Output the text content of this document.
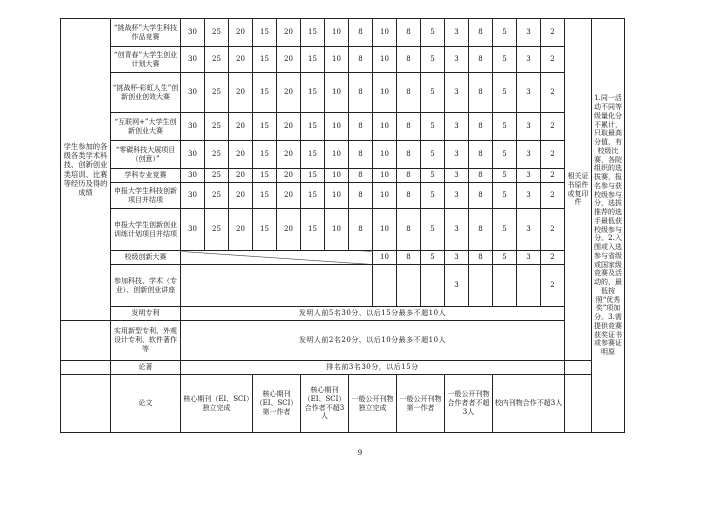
学生参加的各级各类学术科技、创新创业类培训、比赛等经历及得的成绩	“挑战杯”大学生科技作品竞赛	30	25	20	15	20	15	10	8	10	8	5	3	8	5	3	2	相关证书原件或复印件	1.同一活动不同等级量化分不累计，只取最高分值，有校级比赛，各院组织的选拔赛，报名参与获校级参与分，选拔推荐的选手最低获校级参与分。2.入围或入选参与省级或国家级竞赛及活动的，最低按照“优秀奖”项加分。3.需提供竞赛获奖证书或参赛证明原
	“创青春”大学生创业计划大赛	30	25	20	15	20	15	10	8	10	8	5	3	8	5	3	2		
	“挑战杯-彩虹人生”创新创业创效大赛	30	25	20	15	20	15	10	8	10	8	5	3	8	5	3	2		
	“互联网+”大学生创新创业大赛	30	25	20	15	20	15	10	8	10	8	5	3	8	5	3	2		
	“零碳科技大展项目（创意）”	30	25	20	15	20	15	10	8	10	8	5	3	8	5	3	2		
	学科专业竞赛	30	25	20	15	20	15	10	8	10	8	5	3	8	5	3	2		
	申报大学生科技创新项目并结项	30	25	20	15	20	15	10	8	10	8	5	3	8	5	3	2		
	申报大学生创新创业训练计划项目并结项	30	25	20	15	20	15	10	8	10	8	5	3	8	5	3	2		
	校级创新大赛									10	8	5	3	8	5	3	2		
	参加科技、学术（专业）、创新创业讲座												3				2		
	发明专利	发明人前5名30分、以后15分最多不超10人																	
	实用新型专利、外观设计专利、软件著作等	发明人前2名20分、以后10分最多不超10人																	
	论著	排名前3名30分，以后15分																	
	论文	核心期刊（EI、SCI）独立完成			核心期刊（EI、SCI）第一作者		核心期刊（EI、SCI）合作者不超3人		一般公开刊物独立完成		一般公开刊物第一作者		一般公开刊物合作者者不超3人		校内刊物合作不超3人				
9
